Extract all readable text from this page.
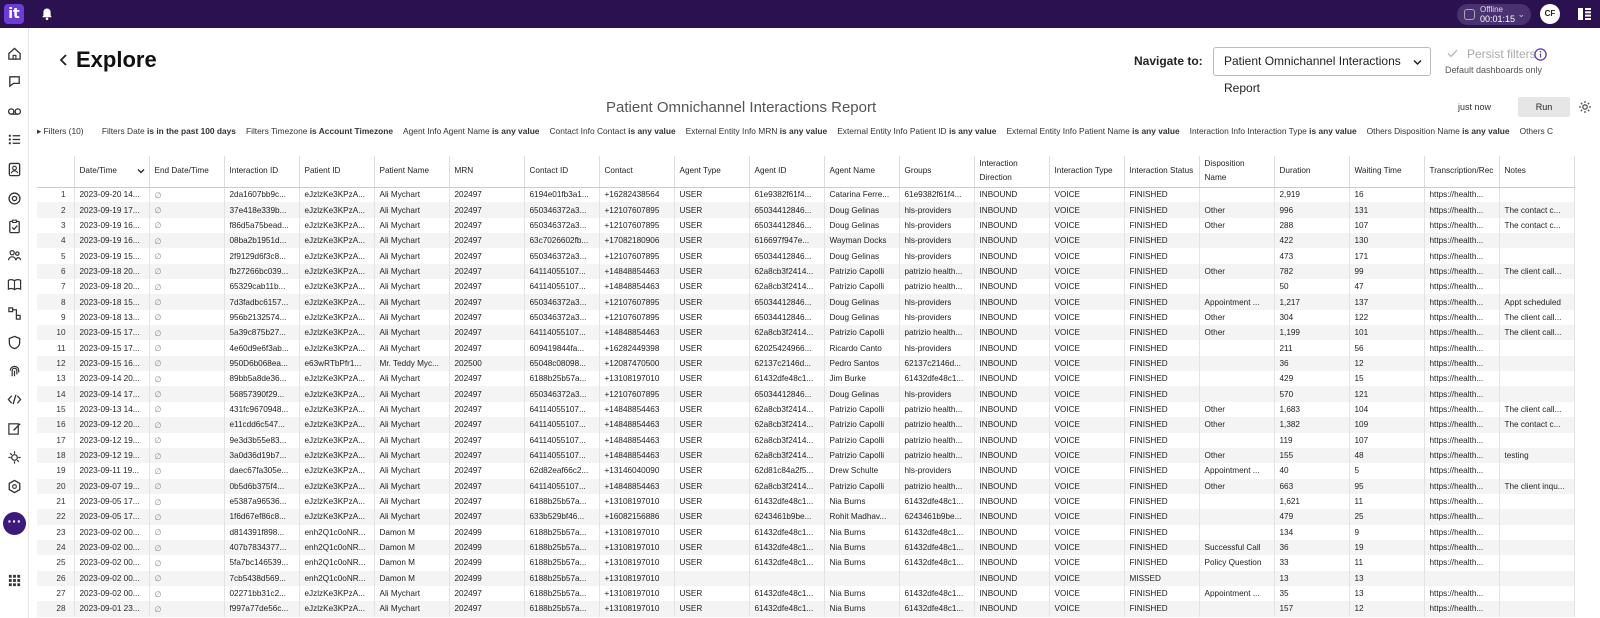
it	Offline
00:01:15 ⌄	CF
···
Explore	Navigate to:	Patient Omnichannel Interactions Report
Persist filters
Default dashboards only
Patient Omnichannel Interactions Report	just now	Run
▸ Filters (10) Filters Date is in the past 100 days Filters Timezone is Account Timezone Agent Info Agent Name is any value Contact Info Contact is any value External Entity Info MRN is any value External Entity Info Patient ID is any value External Entity Info Patient Name is any value Interaction Info Interaction Type is any value Others Disposition Name is any value Others C
	Date/Time	End Date/Time	Interaction ID	Patient ID	Patient Name	MRN	Contact ID	Contact	Agent Type	Agent ID	Agent Name	Groups	Interaction Direction	Interaction Type	Interaction Status	Disposition Name	Duration	Waiting Time	Transcription/Rec	Notes
1	2023-09-20 14...	∅	2da1607bb9c...	eJzlzKe3KPzA...	Ali Mychart	202497	6194e01fb3a1...	+16282438564	USER	61e9382f61f4...	Catarina Ferre...	61e9382f61f4...	INBOUND	VOICE	FINISHED		2,919	16	https://health...	
2	2023-09-19 17...	∅	37e418e339b...	eJzlzKe3KPzA...	Ali Mychart	202497	650346372a3...	+12107607895	USER	65034412846...	Doug Gelinas	hls-providers	INBOUND	VOICE	FINISHED	Other	996	131	https://health...	The contact c...
3	2023-09-19 16...	∅	f86d5a75bead...	eJzlzKe3KPzA...	Ali Mychart	202497	650346372a3...	+12107607895	USER	65034412846...	Doug Gelinas	hls-providers	INBOUND	VOICE	FINISHED	Other	288	107	https://health...	The contact c...
4	2023-09-19 16...	∅	08ba2b1951d...	eJzlzKe3KPzA...	Ali Mychart	202497	63c7026602fb...	+17082180906	USER	616697f947e...	Wayman Docks	hls-providers	INBOUND	VOICE	FINISHED		422	130	https://health...	
5	2023-09-19 15...	∅	2f9129d6f3c8...	eJzlzKe3KPzA...	Ali Mychart	202497	650346372a3...	+12107607895	USER	65034412846...	Doug Gelinas	hls-providers	INBOUND	VOICE	FINISHED		473	171	https://health...	
6	2023-09-18 20...	∅	fb27266bc039...	eJzlzKe3KPzA...	Ali Mychart	202497	64114055107...	+14848854463	USER	62a8cb3f2414...	Patrizio Capolli	patrizio health...	INBOUND	VOICE	FINISHED	Other	782	99	https://health...	The client call...
7	2023-09-18 20...	∅	65329cab11b...	eJzlzKe3KPzA...	Ali Mychart	202497	64114055107...	+14848854463	USER	62a8cb3f2414...	Patrizio Capolli	patrizio health...	INBOUND	VOICE	FINISHED		50	47	https://health...	
8	2023-09-18 15...	∅	7d3fadbc6157...	eJzlzKe3KPzA...	Ali Mychart	202497	650346372a3...	+12107607895	USER	65034412846...	Doug Gelinas	hls-providers	INBOUND	VOICE	FINISHED	Appointment ...	1,217	137	https://health...	Appt scheduled
9	2023-09-18 13...	∅	956b2132574...	eJzlzKe3KPzA...	Ali Mychart	202497	650346372a3...	+12107607895	USER	65034412846...	Doug Gelinas	hls-providers	INBOUND	VOICE	FINISHED	Other	304	122	https://health...	The client call...
10	2023-09-15 17...	∅	5a39c875b27...	eJzlzKe3KPzA...	Ali Mychart	202497	64114055107...	+14848854463	USER	62a8cb3f2414...	Patrizio Capolli	patrizio health...	INBOUND	VOICE	FINISHED	Other	1,199	101	https://health...	The client call...
11	2023-09-15 17...	∅	4e60d9e6f3ab...	eJzlzKe3KPzA...	Ali Mychart	202497	609419844fa...	+16282449398	USER	62025424966...	Ricardo Canto	hls-providers	INBOUND	VOICE	FINISHED		211	56	https://health...	
12	2023-09-15 16...	∅	950D6b068ea...	e63wRTbPfr1...	Mr. Teddy Myc...	202500	65048c08098...	+12087470500	USER	62137c2146d...	Pedro Santos	62137c2146d...	INBOUND	VOICE	FINISHED		36	12	https://health...	
13	2023-09-14 20...	∅	89bb5a8de36...	eJzlzKe3KPzA...	Ali Mychart	202497	6188b25b57a...	+13108197010	USER	61432dfe48c1...	Jim Burke	61432dfe48c1...	INBOUND	VOICE	FINISHED		429	15	https://health...	
14	2023-09-14 17...	∅	56857390f29...	eJzlzKe3KPzA...	Ali Mychart	202497	650346372a3...	+12107607895	USER	65034412846...	Doug Gelinas	hls-providers	INBOUND	VOICE	FINISHED		570	121	https://health...	
15	2023-09-13 14...	∅	431fc9670948...	eJzlzKe3KPzA...	Ali Mychart	202497	64114055107...	+14848854463	USER	62a8cb3f2414...	Patrizio Capolli	patrizio health...	INBOUND	VOICE	FINISHED	Other	1,683	104	https://health...	The client call...
16	2023-09-12 20...	∅	e11cdd6c547...	eJzlzKe3KPzA...	Ali Mychart	202497	64114055107...	+14848854463	USER	62a8cb3f2414...	Patrizio Capolli	patrizio health...	INBOUND	VOICE	FINISHED	Other	1,382	109	https://health...	The contact c...
17	2023-09-12 19...	∅	9e3d3b55e83...	eJzlzKe3KPzA...	Ali Mychart	202497	64114055107...	+14848854463	USER	62a8cb3f2414...	Patrizio Capolli	patrizio health...	INBOUND	VOICE	FINISHED		119	107	https://health...	
18	2023-09-12 19...	∅	3a0d36d19b7...	eJzlzKe3KPzA...	Ali Mychart	202497	64114055107...	+14848854463	USER	62a8cb3f2414...	Patrizio Capolli	patrizio health...	INBOUND	VOICE	FINISHED	Other	155	48	https://health...	testing
19	2023-09-11 19...	∅	daec67fa305e...	eJzlzKe3KPzA...	Ali Mychart	202497	62d82eaf66c2...	+13146040090	USER	62d81c84a2f5...	Drew Schulte	hls-providers	INBOUND	VOICE	FINISHED	Appointment ...	40	5	https://health...	
20	2023-09-07 19...	∅	0b5d6b375f4...	eJzlzKe3KPzA...	Ali Mychart	202497	64114055107...	+14848854463	USER	62a8cb3f2414...	Patrizio Capolli	patrizio health...	INBOUND	VOICE	FINISHED	Other	663	95	https://health...	The client inqu...
21	2023-09-05 17...	∅	e5387a96536...	eJzlzKe3KPzA...	Ali Mychart	202497	6188b25b57a...	+13108197010	USER	61432dfe48c1...	Nia Burns	61432dfe48c1...	INBOUND	VOICE	FINISHED		1,621	11	https://health...	
22	2023-09-05 17...	∅	1f6d67ef86c8...	eJzlzKe3KPzA...	Ali Mychart	202497	633b529bf46...	+16082156886	USER	6243461b9be...	Rohit Madhav...	6243461b9be...	INBOUND	VOICE	FINISHED		479	25	https://health...	
23	2023-09-02 00...	∅	d814391f898...	enh2Q1c0oNR...	Damon M	202499	6188b25b57a...	+13108197010	USER	61432dfe48c1...	Nia Burns	61432dfe48c1...	INBOUND	VOICE	FINISHED		134	9	https://health...	
24	2023-09-02 00...	∅	407b7834377...	enh2Q1c0oNR...	Damon M	202499	6188b25b57a...	+13108197010	USER	61432dfe48c1...	Nia Burns	61432dfe48c1...	INBOUND	VOICE	FINISHED	Successful Call	36	19	https://health...	
25	2023-09-02 00...	∅	5fa7bc146539...	enh2Q1c0oNR...	Damon M	202499	6188b25b57a...	+13108197010	USER	61432dfe48c1...	Nia Burns	61432dfe48c1...	INBOUND	VOICE	FINISHED	Policy Question	33	11	https://health...	
26	2023-09-02 00...	∅	7cb5438d569...	enh2Q1c0oNR...	Damon M	202499	6188b25b57a...	+13108197010					INBOUND	VOICE	MISSED		13	13		
27	2023-09-02 00...	∅	02271bb31c2...	eJzlzKe3KPzA...	Ali Mychart	202497	6188b25b57a...	+13108197010	USER	61432dfe48c1...	Nia Burns	61432dfe48c1...	INBOUND	VOICE	FINISHED	Appointment ...	35	13	https://health...	
28	2023-09-01 23...	∅	f997a77de56c...	eJzlzKe3KPzA...	Ali Mychart	202497	6188b25b57a...	+13108197010	USER	61432dfe48c1...	Nia Burns	61432dfe48c1...	INBOUND	VOICE	FINISHED		157	12	https://health...	
